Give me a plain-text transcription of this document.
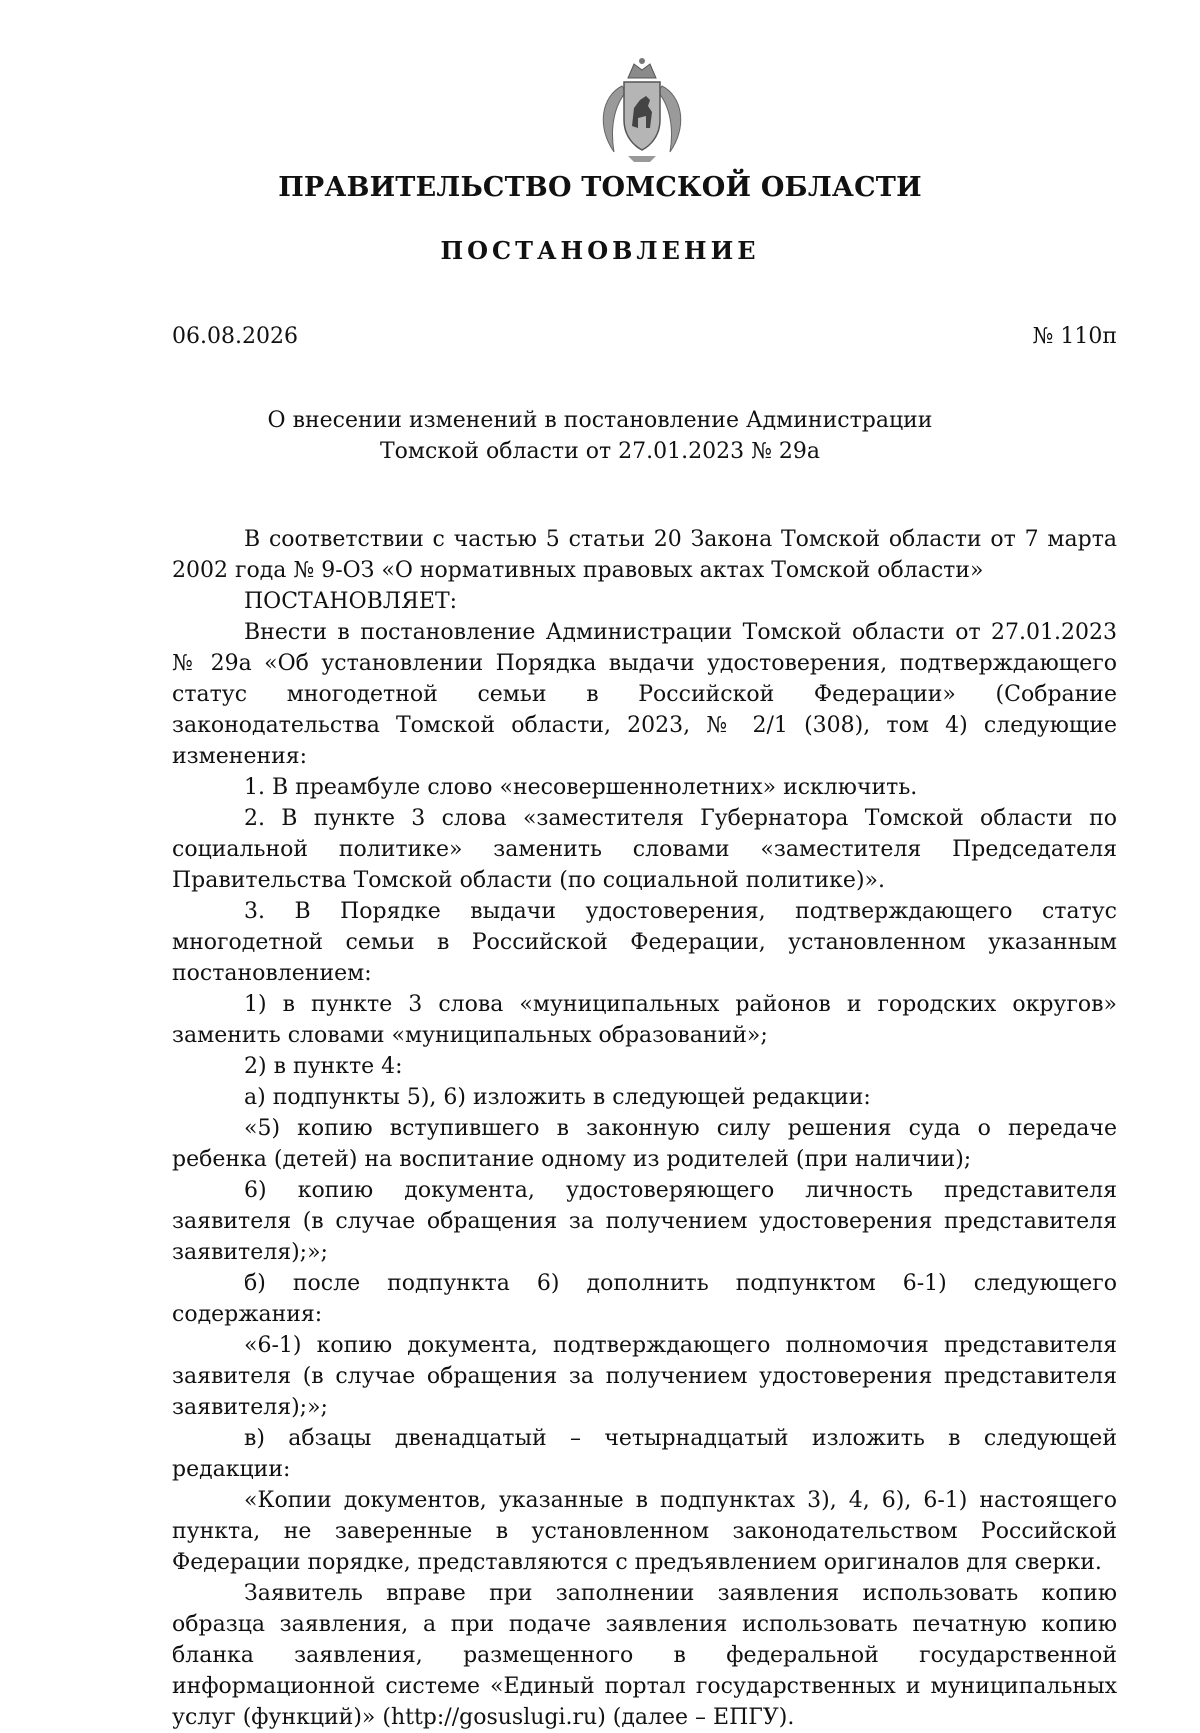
ПРАВИТЕЛЬСТВО ТОМСКОЙ ОБЛАСТИ
ПОСТАНОВЛЕНИЕ
06.08.2026	№ 110п
О внесении изменений в постановление Администрации
Томской области от 27.01.2023 № 29а

В соответствии с частью 5 статьи 20 Закона Томской области от 7 марта 2002 года № 9-ОЗ «О нормативных правовых актах Томской области»

ПОСТАНОВЛЯЕТ:

Внести в постановление Администрации Томской области от 27.01.2023 № 29а «Об установлении Порядка выдачи удостоверения, подтверждающего статус многодетной семьи в Российской Федерации» (Собрание законодательства Томской области, 2023, № 2/1 (308), том 4) следующие изменения:

1. В преамбуле слово «несовершеннолетних» исключить.

2. В пункте 3 слова «заместителя Губернатора Томской области по социальной политике» заменить словами «заместителя Председателя Правительства Томской области (по социальной политике)».

3. В Порядке выдачи удостоверения, подтверждающего статус многодетной семьи в Российской Федерации, установленном указанным постановлением:

1) в пункте 3 слова «муниципальных районов и городских округов» заменить словами «муниципальных образований»;

2) в пункте 4:

а) подпункты 5), 6) изложить в следующей редакции:

«5) копию вступившего в законную силу решения суда о передаче ребенка (детей) на воспитание одному из родителей (при наличии);

6) копию документа, удостоверяющего личность представителя заявителя (в случае обращения за получением удостоверения представителя заявителя);»;

б) после подпункта 6) дополнить подпунктом 6-1) следующего содержания:

«6-1) копию документа, подтверждающего полномочия представителя заявителя (в случае обращения за получением удостоверения представителя заявителя);»;

в) абзацы двенадцатый – четырнадцатый изложить в следующей редакции:

«Копии документов, указанные в подпунктах 3), 4, 6), 6-1) настоящего пункта, не заверенные в установленном законодательством Российской Федерации порядке, представляются с предъявлением оригиналов для сверки.

Заявитель вправе при заполнении заявления использовать копию образца заявления, а при подаче заявления использовать печатную копию бланка заявления, размещенного в федеральной государственной информационной системе «Единый портал государственных и муниципальных услуг (функций)» (http://gosuslugi.ru) (далее – ЕПГУ).
